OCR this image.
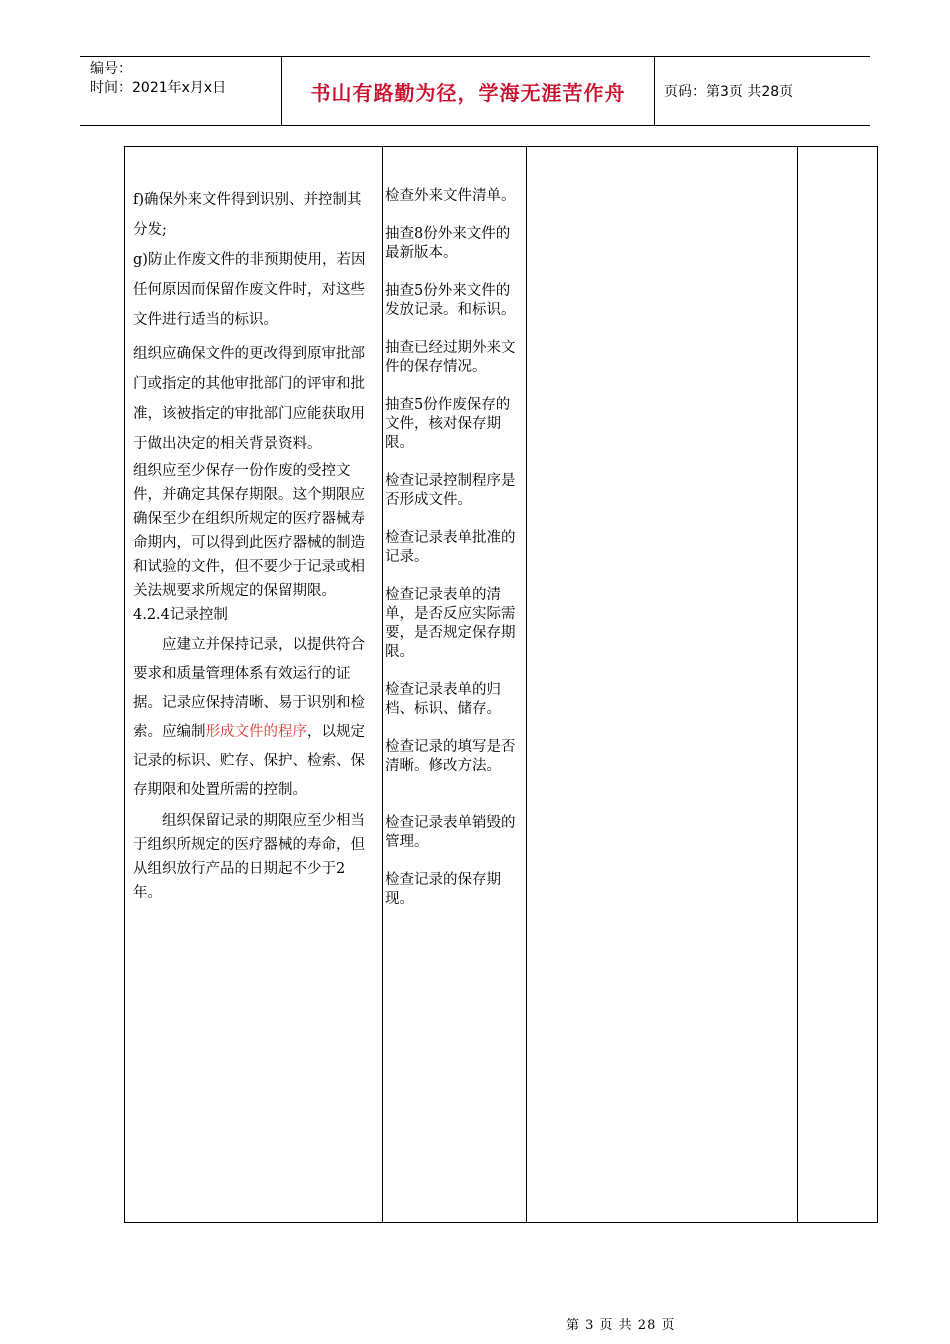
编号：
时间：2021年x月x日	书山有路勤为径，学海无涯苦作舟	页码：第3页 共28页

f)确保外来文件得到识别、并控制其分发;

g)防止作废文件的非预期使用，若因任何原因而保留作废文件时，对这些文件进行适当的标识。

组织应确保文件的更改得到原审批部门或指定的其他审批部门的评审和批准，该被指定的审批部门应能获取用于做出决定的相关背景资料。

组织应至少保存一份作废的受控文件，并确定其保存期限。这个期限应确保至少在组织所规定的医疗器械寿命期内，可以得到此医疗器械的制造和试验的文件，但不要少于记录或相关法规要求所规定的保留期限。

4.2.4记录控制

应建立并保持记录，以提供符合要求和质量管理体系有效运行的证据。记录应保持清晰、易于识别和检索。应编制形成文件的程序，以规定记录的标识、贮存、保护、检索、保存期限和处置所需的控制。

组织保留记录的期限应至少相当于组织所规定的医疗器械的寿命，但从组织放行产品的日期起不少于2年。

检查外来文件清单。

抽查8份外来文件的最新版本。

抽查5份外来文件的发放记录。和标识。

抽查已经过期外来文件的保存情况。

抽查5份作废保存的文件，核对保存期限。

检查记录控制程序是否形成文件。

检查记录表单批准的记录。

检查记录表单的清单，是否反应实际需要，是否规定保存期限。

检查记录表单的归档、标识、储存。

检查记录的填写是否清晰。修改方法。

检查记录表单销毁的管理。

检查记录的保存期现。

第 3 页 共 28 页
